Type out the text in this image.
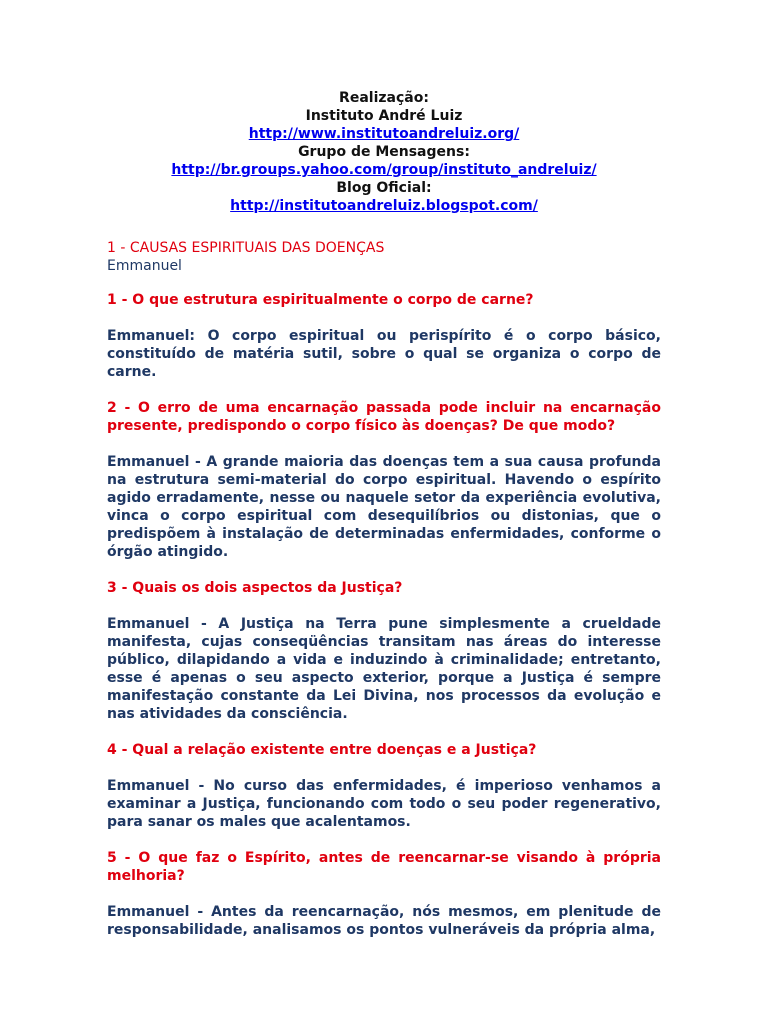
Realização:
Instituto André Luiz
http://www.institutoandreluiz.org/
Grupo de Mensagens:
http://br.groups.yahoo.com/group/instituto_andreluiz/
Blog Oficial:
http://institutoandreluiz.blogspot.com/

1 - CAUSAS ESPIRITUAIS DAS DOENÇAS

Emmanuel

1 - O que estrutura espiritualmente o corpo de carne?

Emmanuel: O corpo espiritual ou perispírito é o corpo básico, constituído de matéria sutil, sobre o qual se organiza o corpo de carne.

2 - O erro de uma encarnação passada pode incluir na encarnação presente, predispondo o corpo físico às doenças? De que modo?

Emmanuel - A grande maioria das doenças tem a sua causa profunda na estrutura semi-material do corpo espiritual. Havendo o espírito agido erradamente, nesse ou naquele setor da experiência evolutiva, vinca o corpo espiritual com desequilíbrios ou distonias, que o predispõem à instalação de determinadas enfermidades, conforme o órgão atingido.

3 - Quais os dois aspectos da Justiça?

Emmanuel - A Justiça na Terra pune simplesmente a crueldade manifesta, cujas conseqüências transitam nas áreas do interesse público, dilapidando a vida e induzindo à criminalidade; entretanto, esse é apenas o seu aspecto exterior, porque a Justiça é sempre manifestação constante da Lei Divina, nos processos da evolução e nas atividades da consciência.

4 - Qual a relação existente entre doenças e a Justiça?

Emmanuel - No curso das enfermidades, é imperioso venhamos a examinar a Justiça, funcionando com todo o seu poder regenerativo, para sanar os males que acalentamos.

5 - O que faz o Espírito, antes de reencarnar-se visando à própria melhoria?

Emmanuel - Antes da reencarnação, nós mesmos, em plenitude de responsabilidade, analisamos os pontos vulneráveis da própria alma,
